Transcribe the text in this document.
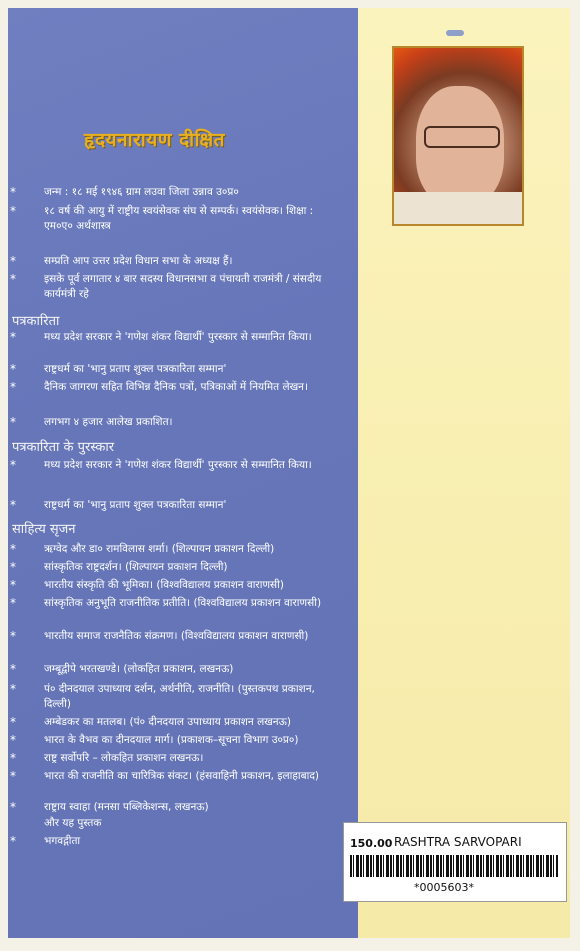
हृदयनारायण दीक्षित
*	जन्म : १८ मई १९४६ ग्राम लउवा जिला उन्नाव उ०प्र०
*	१८ वर्ष की आयु में राष्ट्रीय स्वयंसेवक संघ से सम्पर्क। स्वयंसेवक। शिक्षा : एम०ए० अर्थशास्त्र
*	सम्प्रति आप उत्तर प्रदेश विधान सभा के अध्यक्ष हैं।
*	इसके पूर्व लगातार ४ बार सदस्य विधानसभा व पंचायती राजमंत्री / संसदीय कार्यमंत्री रहे
पत्रकारिता
*	मध्य प्रदेश सरकार ने 'गणेश शंकर विद्यार्थी' पुरस्कार से सम्मानित किया।
*	राष्ट्रधर्म का 'भानु प्रताप शुक्ल पत्रकारिता सम्मान'
*	दैनिक जागरण सहित विभिन्न दैनिक पत्रों, पत्रिकाओं में नियमित लेखन।
*	लगभग ४ हजार आलेख प्रकाशित।
पत्रकारिता के पुरस्कार
*	मध्य प्रदेश सरकार ने 'गणेश शंकर विद्यार्थी' पुरस्कार से सम्मानित किया।
*	राष्ट्रधर्म का 'भानु प्रताप शुक्ल पत्रकारिता सम्मान'
साहित्य सृजन
*	ऋग्वेद और डा० रामविलास शर्मा। (शिल्पायन प्रकाशन दिल्ली)
*	सांस्कृतिक राष्ट्रदर्शन। (शिल्पायन प्रकाशन दिल्ली)
*	भारतीय संस्कृति की भूमिका। (विश्वविद्यालय प्रकाशन वाराणसी)
*	सांस्कृतिक अनुभूति राजनीतिक प्रतीति। (विश्वविद्यालय प्रकाशन वाराणसी)
*	भारतीय समाज राजनैतिक संक्रमण। (विश्वविद्यालय प्रकाशन वाराणसी)
*	जम्बूद्वीपे भरतखण्डे। (लोकहित प्रकाशन, लखनऊ)
*	पं० दीनदयाल उपाध्याय दर्शन, अर्थनीति, राजनीति। (पुस्तकपथ प्रकाशन, दिल्ली)
*	अम्बेडकर का मतलब। (पं० दीनदयाल उपाध्याय प्रकाशन लखनऊ)
*	भारत के वैभव का दीनदयाल मार्ग। (प्रकाशक–सूचना विभाग उ०प्र०)
*	राष्ट्र सर्वोपरि – लोकहित प्रकाशन लखनऊ।
*	भारत की राजनीति का चारित्रिक संकट। (हंसवाहिनी प्रकाशन, इलाहाबाद)
*	राष्ट्राय स्वाहा (मनसा पब्लिकेशन्स, लखनऊ)
और यह पुस्तक
*	भगवद्गीता	150.00 RASHTRA SARVOPARI
*0005603*
